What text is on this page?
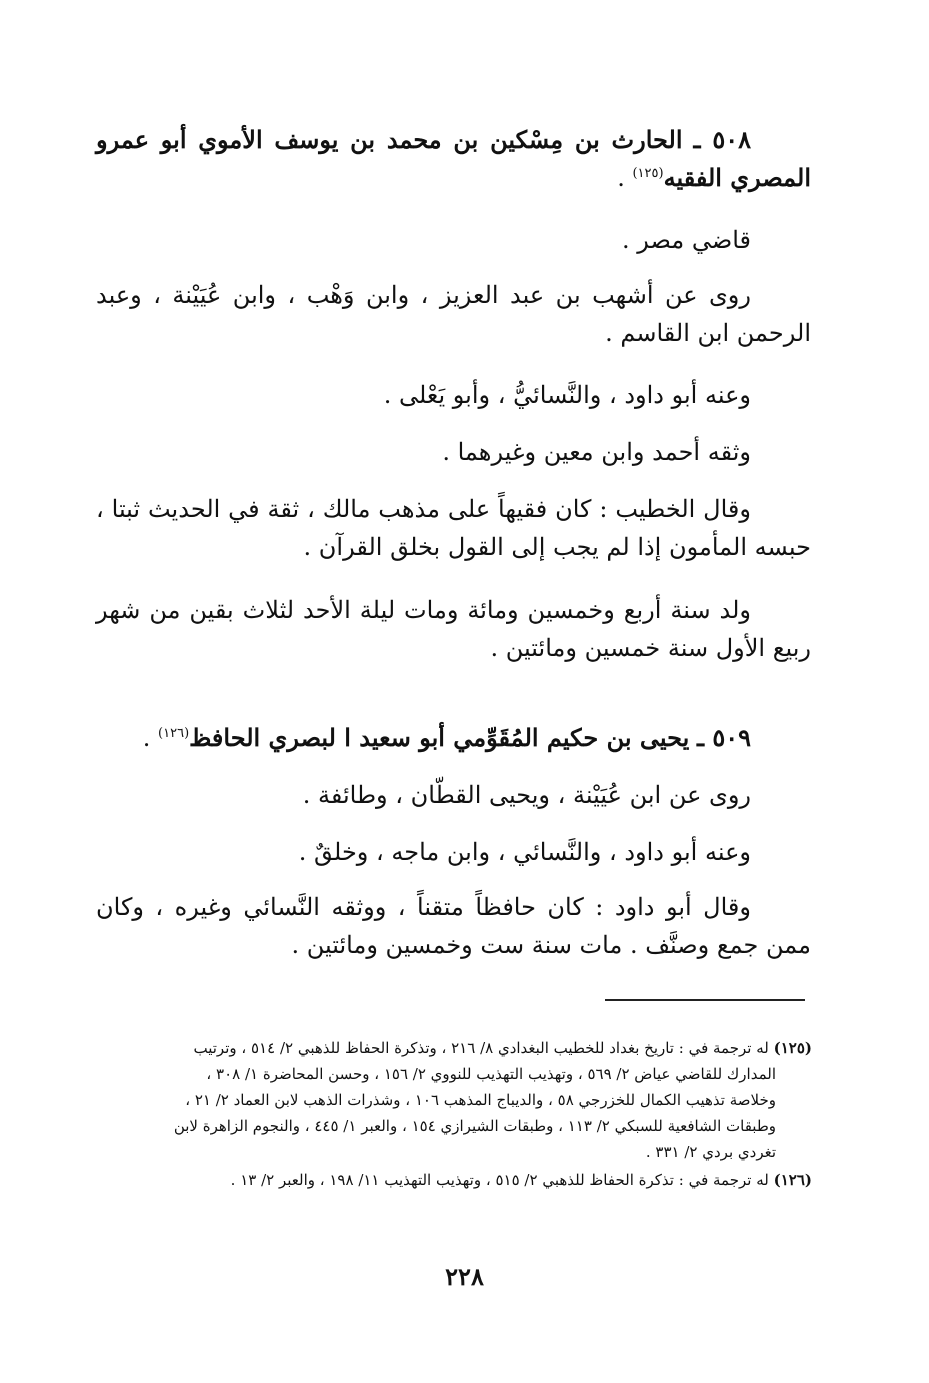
٥٠٨ ـ الحارث بن مِسْكين بن محمد بن يوسف الأموي أبو عمرو المصري الفقيه$^{(١٢٥)}$ .
قاضي مصر .
روى عن أشهب بن عبد العزيز ، وابن وَهْب ، وابن عُيَيْنة ، وعبد الرحمن ابن القاسم .
وعنه أبو داود ، والنَّسائيُّ ، وأبو يَعْلى .
وثقه أحمد وابن معين وغيرهما .
وقال الخطيب : كان فقيهاً على مذهب مالك ، ثقة في الحديث ثبتا ، حبسه المأمون إذا لم يجب إلى القول بخلق القرآن .
ولد سنة أربع وخمسين ومائة ومات ليلة الأحد لثلاث بقين من شهر ربيع الأول سنة خمسين ومائتين .
٥٠٩ ـ يحيى بن حكيم المُقَوِّمي أبو سعيد ا لبصري الحافظ$^{(١٢٦)}$ .
روى عن ابن عُيَيْنة ، ويحيى القطّان ، وطائفة .
وعنه أبو داود ، والنَّسائي ، وابن ماجه ، وخلقٌ .
وقال أبو داود : كان حافظاً متقناً ، ووثقه النَّسائي وغيره ، وكان ممن جمع وصنَّف . مات سنة ست وخمسين ومائتين .
(١٢٥) له ترجمة في : تاريخ بغداد للخطيب البغدادي ٨/ ٢١٦ ، وتذكرة الحفاظ للذهبي ٢/ ٥١٤ ، وترتيب
المدارك للقاضي عياض ٢/ ٥٦٩ ، وتهذيب التهذيب للنووي ٢/ ١٥٦ ، وحسن المحاضرة ١/ ٣٠٨ ،
وخلاصة تذهيب الكمال للخزرجي ٥٨ ، والديباج المذهب ١٠٦ ، وشذرات الذهب لابن العماد ٢/ ٢١ ،
وطبقات الشافعية للسبكي ٢/ ١١٣ ، وطبقات الشيرازي ١٥٤ ، والعبر ١/ ٤٤٥ ، والنجوم الزاهرة لابن
تغردي بردي ٢/ ٣٣١ .
(١٢٦) له ترجمة في : تذكرة الحفاظ للذهبي ٢/ ٥١٥ ، وتهذيب التهذيب ١١/ ١٩٨ ، والعبر ٢/ ١٣ .
٢٢٨
